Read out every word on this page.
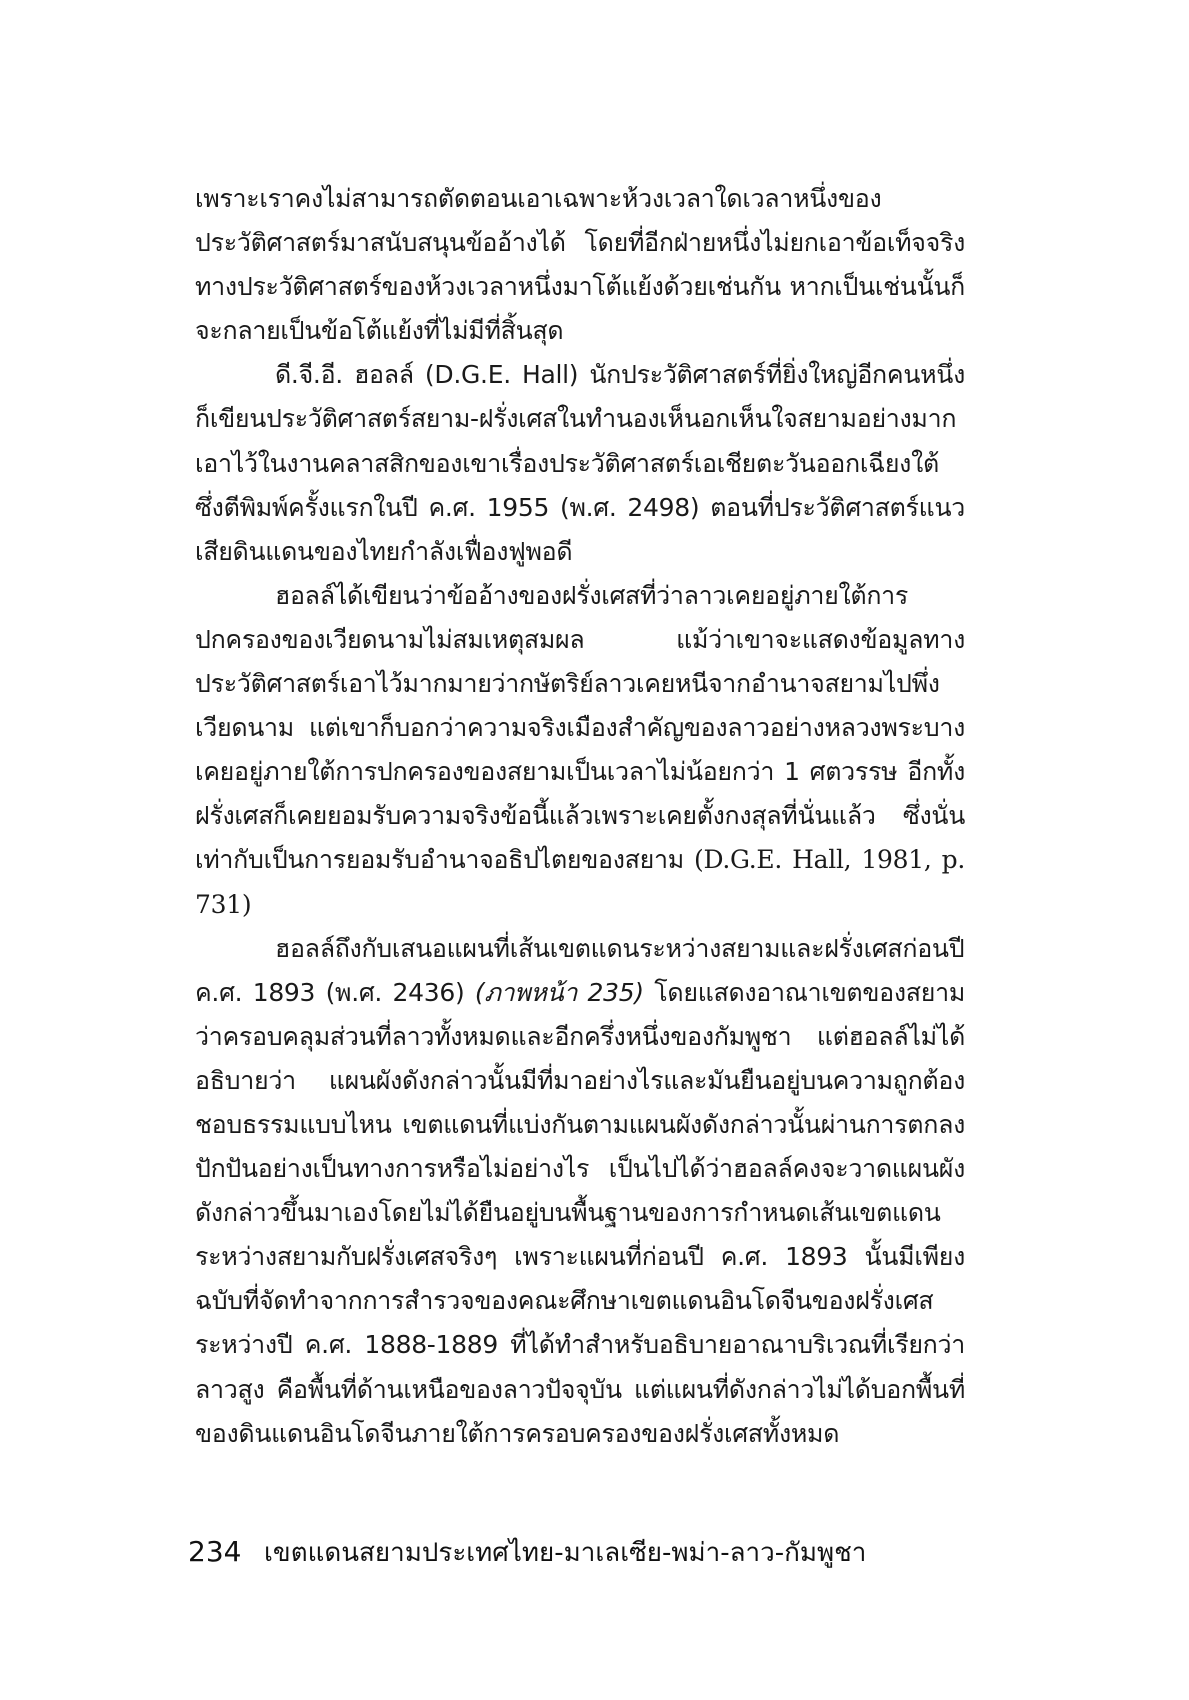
เพราะเราคงไม่สามารถตัดตอนเอาเฉพาะห้วงเวลาใดเวลาหนึ่งของประวัติศาสตร์มาสนับสนุนข้ออ้างได้ โดยที่อีกฝ่ายหนึ่งไม่ยกเอาข้อเท็จจริงทางประวัติศาสตร์ของห้วงเวลาหนึ่งมาโต้แย้งด้วยเช่นกัน หากเป็นเช่นนั้นก็จะกลายเป็นข้อโต้แย้งที่ไม่มีที่สิ้นสุด

ดี.จี.อี. ฮอลล์ (D.G.E. Hall) นักประวัติศาสตร์ที่ยิ่งใหญ่อีกคนหนึ่งก็เขียนประวัติศาสตร์สยาม-ฝรั่งเศสในทำนองเห็นอกเห็นใจสยามอย่างมากเอาไว้ในงานคลาสสิกของเขาเรื่องประวัติศาสตร์เอเชียตะวันออกเฉียงใต้ ซึ่งตีพิมพ์ครั้งแรกในปี ค.ศ. 1955 (พ.ศ. 2498) ตอนที่ประวัติศาสตร์แนวเสียดินแดนของไทยกำลังเฟื่องฟูพอดี

ฮอลล์ได้เขียนว่าข้ออ้างของฝรั่งเศสที่ว่าลาวเคยอยู่ภายใต้การปกครองของเวียดนามไม่สมเหตุสมผล แม้ว่าเขาจะแสดงข้อมูลทางประวัติศาสตร์เอาไว้มากมายว่ากษัตริย์ลาวเคยหนีจากอำนาจสยามไปพึ่งเวียดนาม แต่เขาก็บอกว่าความจริงเมืองสำคัญของลาวอย่างหลวงพระบางเคยอยู่ภายใต้การปกครองของสยามเป็นเวลาไม่น้อยกว่า 1 ศตวรรษ อีกทั้งฝรั่งเศสก็เคยยอมรับความจริงข้อนี้แล้วเพราะเคยตั้งกงสุลที่นั่นแล้ว ซึ่งนั่นเท่ากับเป็นการยอมรับอำนาจอธิปไตยของสยาม (D.G.E. Hall, 1981, p. 731)

ฮอลล์ถึงกับเสนอแผนที่เส้นเขตแดนระหว่างสยามและฝรั่งเศสก่อนปี ค.ศ. 1893 (พ.ศ. 2436) (ภาพหน้า 235) โดยแสดงอาณาเขตของสยามว่าครอบคลุมส่วนที่ลาวทั้งหมดและอีกครึ่งหนึ่งของกัมพูชา แต่ฮอลล์ไม่ได้อธิบายว่า แผนผังดังกล่าวนั้นมีที่มาอย่างไรและมันยืนอยู่บนความถูกต้องชอบธรรมแบบไหน เขตแดนที่แบ่งกันตามแผนผังดังกล่าวนั้นผ่านการตกลงปักปันอย่างเป็นทางการหรือไม่อย่างไร เป็นไปได้ว่าฮอลล์คงจะวาดแผนผังดังกล่าวขึ้นมาเองโดยไม่ได้ยืนอยู่บนพื้นฐานของการกำหนดเส้นเขตแดนระหว่างสยามกับฝรั่งเศสจริงๆ เพราะแผนที่ก่อนปี ค.ศ. 1893 นั้นมีเพียงฉบับที่จัดทำจากการสำรวจของคณะศึกษาเขตแดนอินโดจีนของฝรั่งเศส ระหว่างปี ค.ศ. 1888-1889 ที่ได้ทำสำหรับอธิบายอาณาบริเวณที่เรียกว่าลาวสูง คือพื้นที่ด้านเหนือของลาวปัจจุบัน แต่แผนที่ดังกล่าวไม่ได้บอกพื้นที่ของดินแดนอินโดจีนภายใต้การครอบครองของฝรั่งเศสทั้งหมด

234 เขตแดนสยามประเทศไทย-มาเลเซีย-พม่า-ลาว-กัมพูชา
